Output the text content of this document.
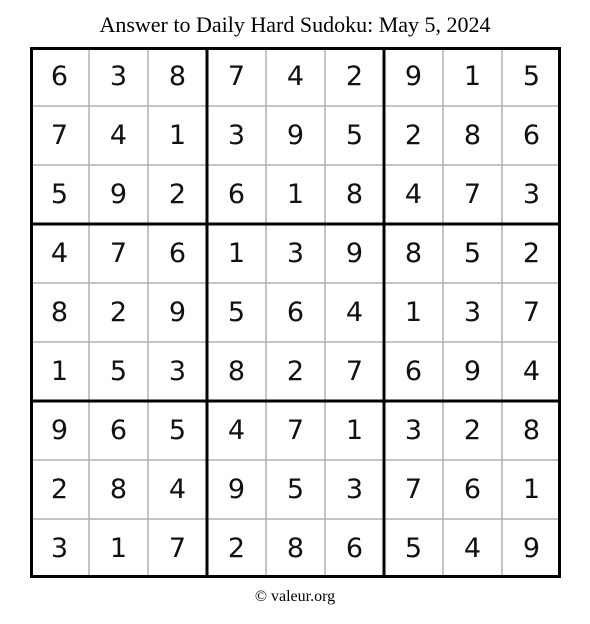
Answer to Daily Hard Sudoku: May 5, 2024
6	3	8	7	4	2	9	1	5
7	4	1	3	9	5	2	8	6
5	9	2	6	1	8	4	7	3
4	7	6	1	3	9	8	5	2
8	2	9	5	6	4	1	3	7
1	5	3	8	2	7	6	9	4
9	6	5	4	7	1	3	2	8
2	8	4	9	5	3	7	6	1
3	1	7	2	8	6	5	4	9
© valeur.org
